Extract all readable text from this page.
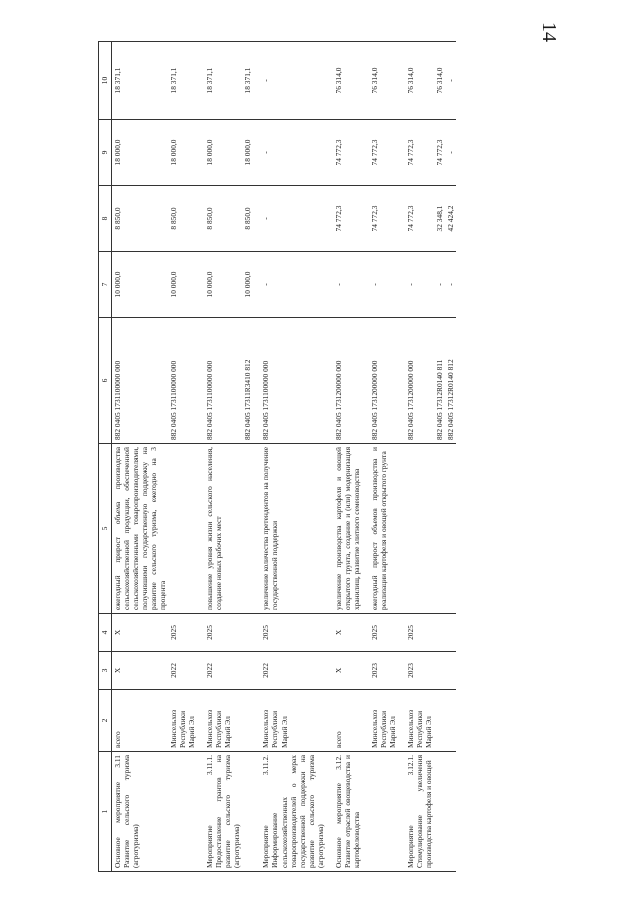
14
1	2	3	4	5	6	7	8	9	10
Основное мероприятие 3.11 Развитие сельского туризма (агротуризма)	всего	X	X	ежегодный прирост объема производства сельскохозяйственной продукции, обеспеченной сельскохозяйственными товаропроизводителями, получившими государственную поддержку на развитие сельского туризма, ежегодно на 3 процента	882 0405 1731100000 000	10 000,0	8 850,0	18 000,0	18 371,1
	Минсельхоз Республики Марий Эл	2022	2025		882 0405 1731100000 000	10 000,0	8 850,0	18 000,0	18 371,1
Мероприятие 3.11.1. Предоставление грантов на развитие сельского туризма (агротуризма)	Минсельхоз Республики Марий Эл	2022	2025	повышение уровня жизни сельского населения, создание новых рабочих мест	882 0405 1731100000 000	10 000,0	8 850,0	18 000,0	18 371,1
					882 0405 17311R3410 812	10 000,0	8 850,0	18 000,0	18 371,1
Мероприятие 3.11.2. Информирование сельскохозяйственных товаропроизводителей о мерах государственной поддержки на развитие сельского туризма (агротуризма)	Минсельхоз Республики Марий Эл	2022	2025	увеличение количества претендентов на получение государственной поддержки	882 0405 1731100000 000	-	-	-	-
Основное мероприятие 3.12. Развитие отраслей овощеводства и картофелеводства	всего	X	X	увеличение производства картофеля и овощей открытого грунта, создание и (или) модернизация хранилищ, развитие элитного семеноводства	882 0405 1731200000 000	-	74 772,3	74 772,3	76 314,0
	Минсельхоз Республики Марий Эл	2023	2025	ежегодный прирост объемов производства и реализации картофеля и овощей открытого грунта	882 0405 1731200000 000	-	74 772,3	74 772,3	76 314,0
Мероприятие 3.12.1. Стимулирование увеличения производства картофеля и овощей	Минсельхоз Республики Марий Эл	2023	2025		882 0405 1731200000 000	-	74 772,3	74 772,3	76 314,0
					882 0405 17312R0140 811	-	32 348,1	74 772,3	76 314,0
					882 0405 17312R0140 812	-	42 424,2	-	-
